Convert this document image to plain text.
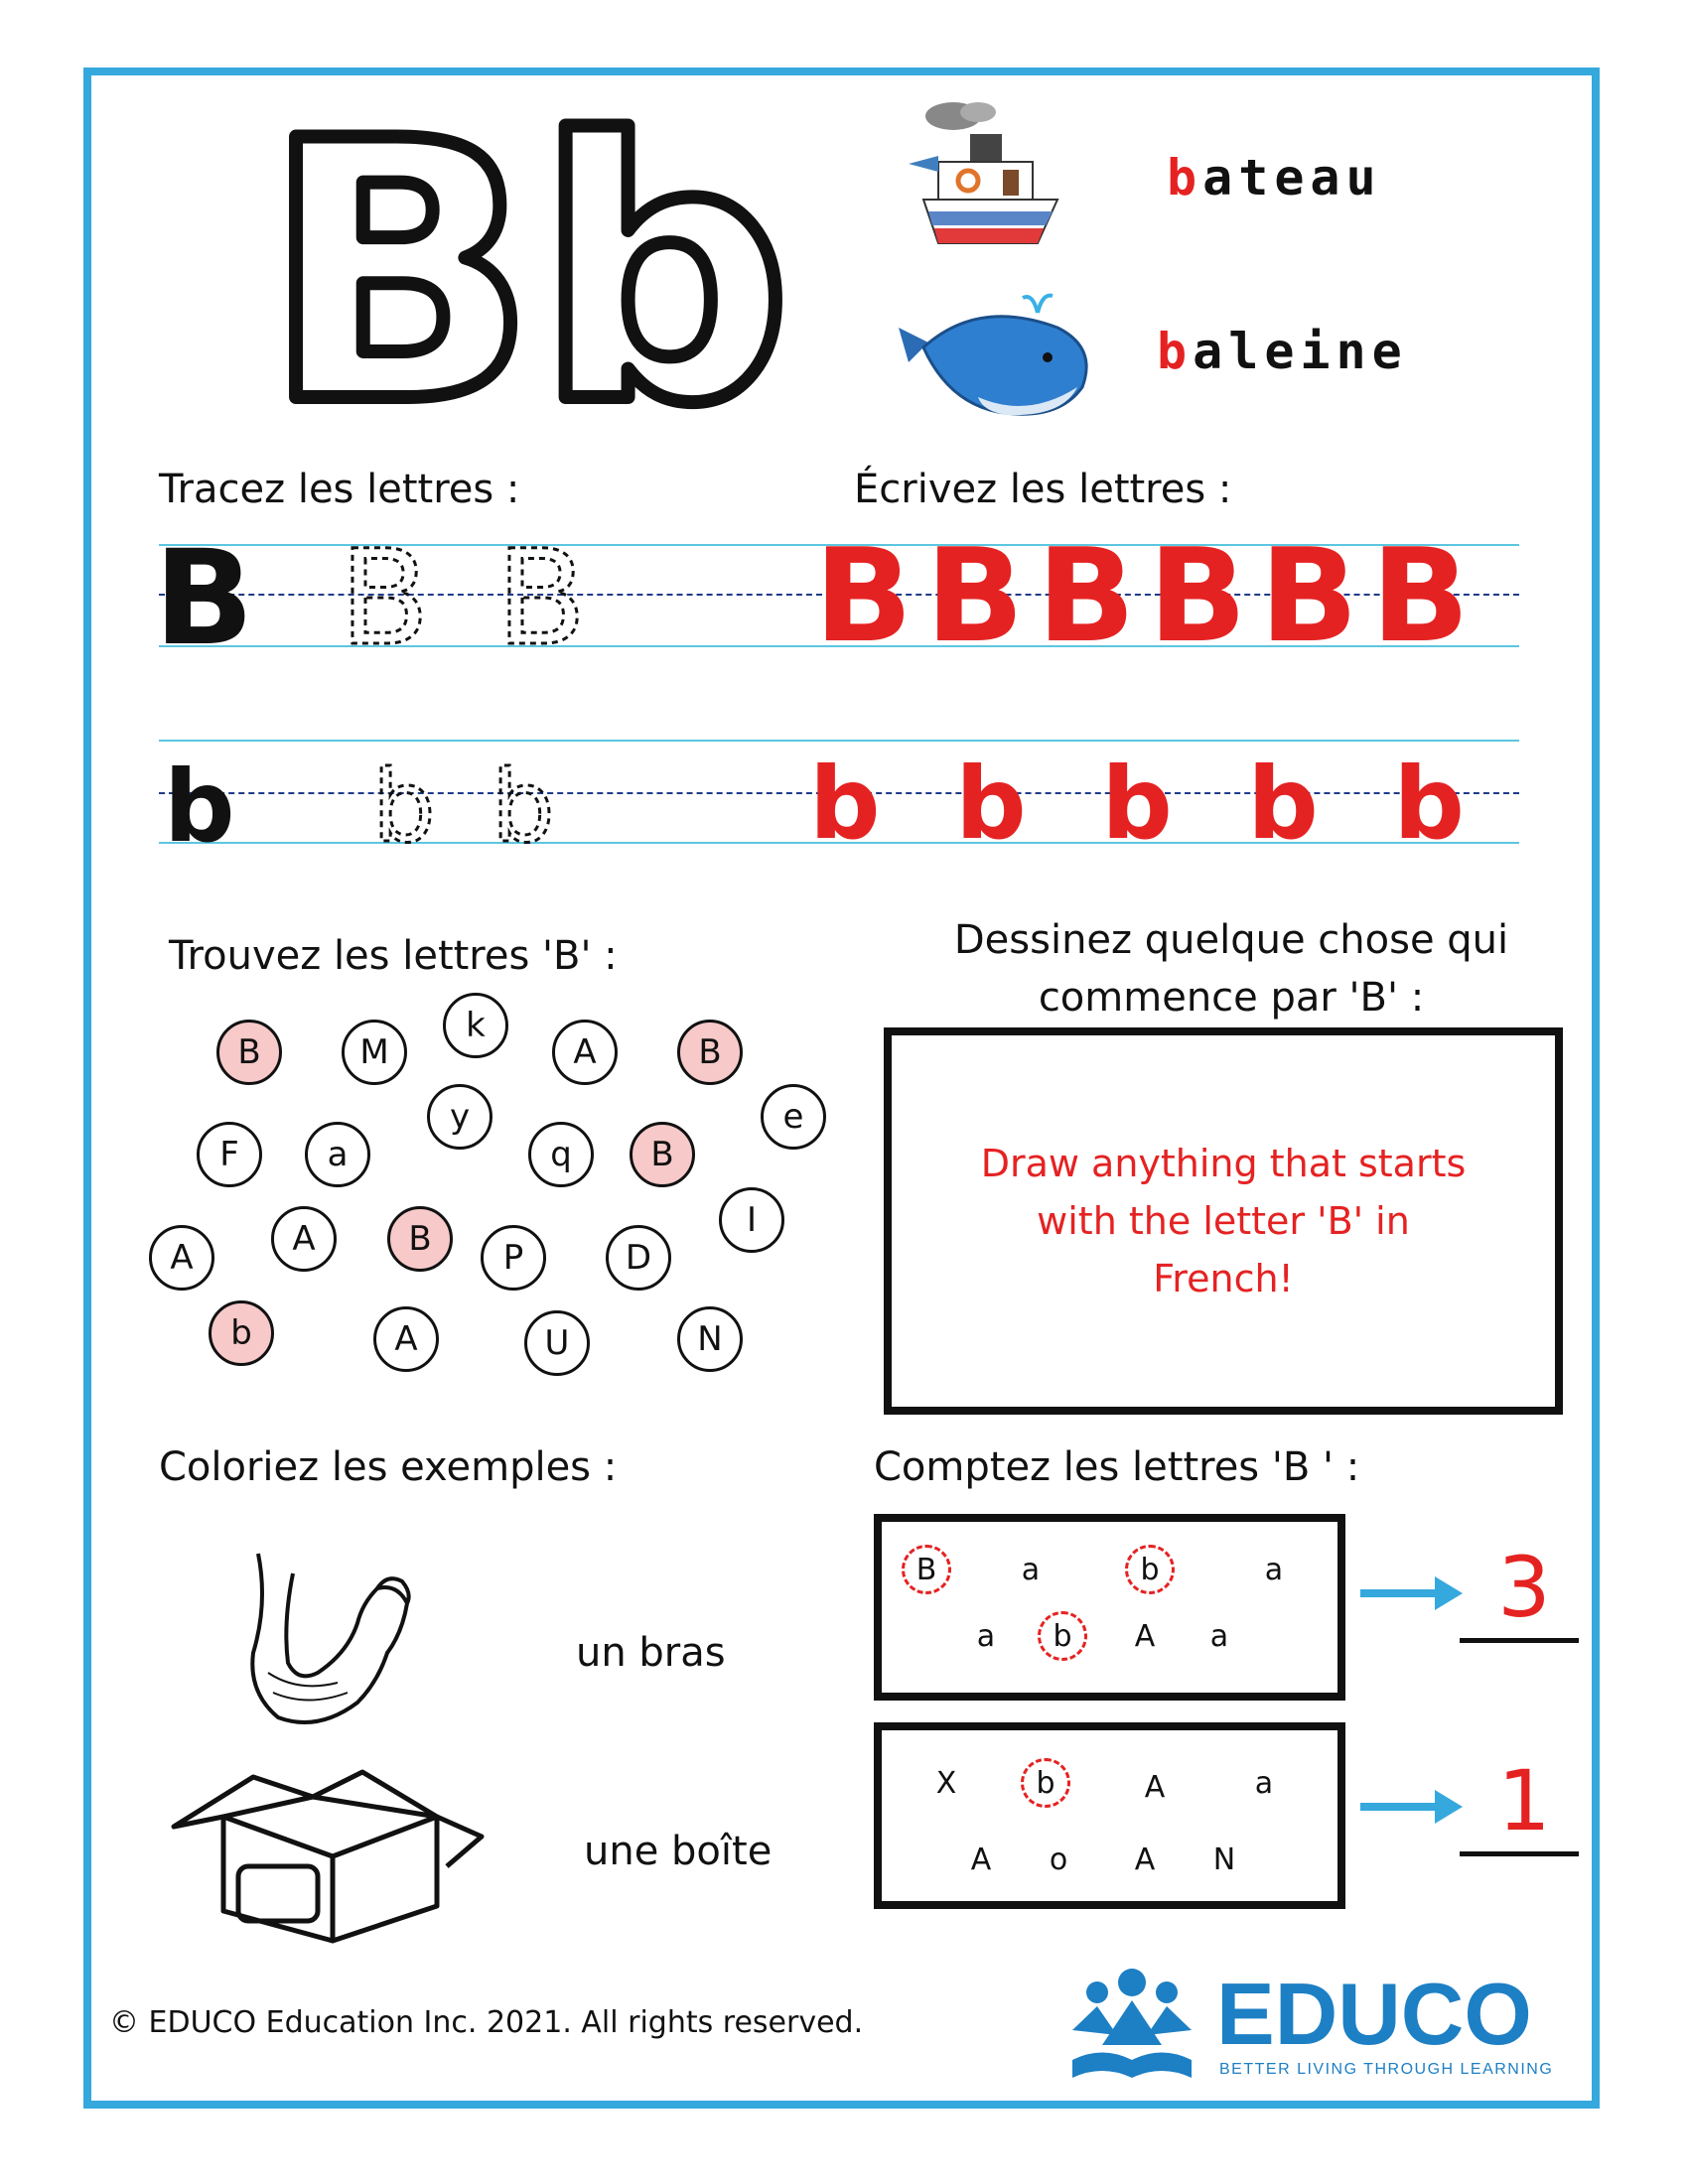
Bb	bateau
baleine
Tracez les lettres :	Écrivez les lettres :
B B B
b b b
B B B B B B
b b b b b
Trouvez les lettres 'B' :
B	M
k
A	B
y	e
F	a	q	B
I
A	A	B	P	D
b	A	U	N
Dessinez quelque chose qui
commence par 'B' :
Draw anything that starts
with the letter 'B' in
French!
Coloriez les exemples :
un bras
une boîte
Comptez les lettres 'B ' :
B	a	b	a
a	b	A	a	3
X	b	A	a
A	o	A	N
1
© EDUCO Education Inc. 2021. All rights reserved.	EDUCO
BETTER LIVING THROUGH LEARNING
